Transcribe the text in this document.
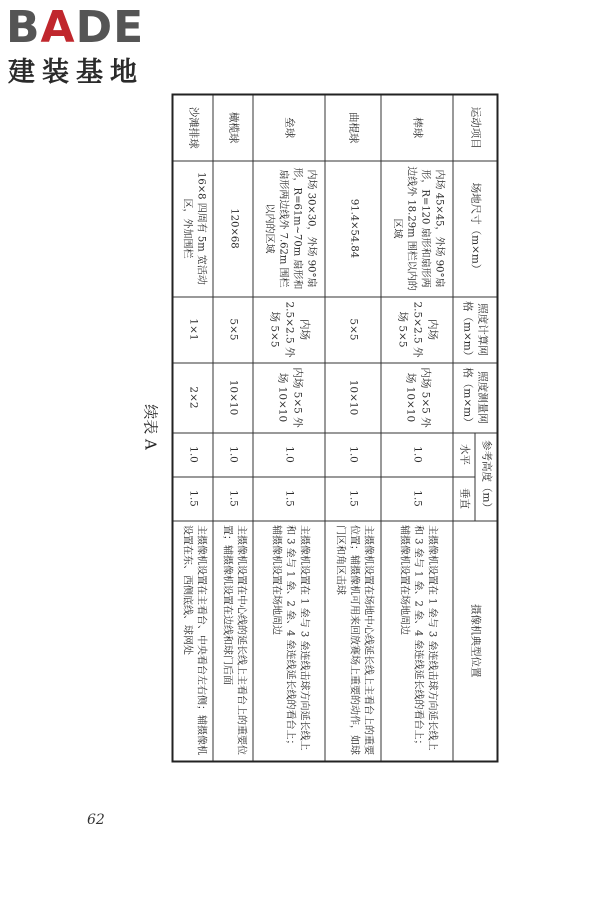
BADE
建装基地
运动项目	场地尺寸（m×m）	照度计算网格（m×m）	照度测量网格（m×m）	参考高度（m）		摄像机典型位置
				水平	垂直	
棒球	内场 45×45，外场 90°扇形，R=120 扇形和扇形两边线外 18.29m 围栏以内的区域	内场 2.5×2.5 外场 5×5	内场 5×5 外场 10×10	1.0	1.5	主摄像机设置在 1 垒与 3 垒连线击球方向延长线上和 3 垒与 1 垒、2 垒、4 垒连线延长线的看台上；辅摄像机设置在场地周边
曲棍球	91.4×54.84	5×5	10×10	1.0	1.5	主摄像机设置在场地中心线延长线上主看台上的重要位置；辅摄像机可用来回放赛场上重要的动作，如球门区和角区击球
垒球	内场 30×30，外场 90°扇形，R=61m~70m 扇形和扇形两边线外 7.62m 围栏以内的区域	内场 2.5×2.5 外场 5×5	内场 5×5 外场 10×10	1.0	1.5	主摄像机设置在 1 垒与 3 垒连线击球方向延长线上和 3 垒与 1 垒、2 垒、4 垒连线延长线的看台上；辅摄像机设置在场地周边
橄榄球	120×68	5×5	10×10	1.0	1.5	主摄像机设置在中心线的延长线上主看台上的重要位置；辅摄像机设置在边线和球门后面
沙滩排球	16×8 四周有 5m 宽活动区，外加围栏	1×1	2×2	1.0	1.5	主摄像机设置在主看台、中央看台左右侧；辅摄像机设置在东、西侧底线、球网处
续表 A
62
